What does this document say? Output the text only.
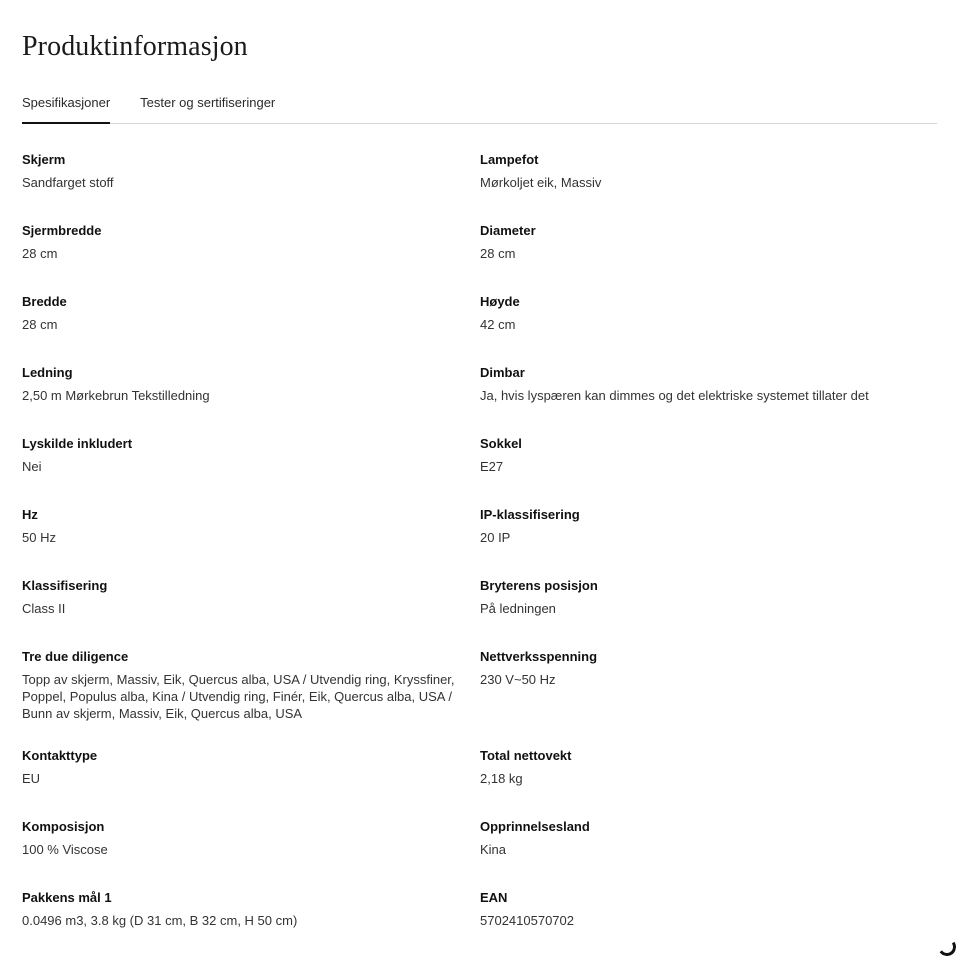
Produktinformasjon
Spesifikasjoner Tester og sertifiseringer
Skjerm
Sandfarget stoff
Lampefot
Mørkoljet eik, Massiv
Sjermbredde
28 cm
Diameter
28 cm
Bredde
28 cm
Høyde
42 cm
Ledning
2,50 m Mørkebrun Tekstilledning
Dimbar
Ja, hvis lyspæren kan dimmes og det elektriske systemet tillater det
Lyskilde inkludert
Nei
Sokkel
E27
Hz
50 Hz
IP-klassifisering
20 IP
Klassifisering
Class II
Bryterens posisjon
På ledningen
Tre due diligence
Topp av skjerm, Massiv, Eik, Quercus alba, USA / Utvendig ring, Kryssfiner, Poppel, Populus alba, Kina / Utvendig ring, Finér, Eik, Quercus alba, USA / Bunn av skjerm, Massiv, Eik, Quercus alba, USA
Nettverksspenning
230 V~50 Hz
Kontakttype
EU
Total nettovekt
2,18 kg
Komposisjon
100 % Viscose
Opprinnelsesland
Kina
Pakkens mål 1
0.0496 m3, 3.8 kg (D 31 cm, B 32 cm, H 50 cm)
EAN
5702410570702
